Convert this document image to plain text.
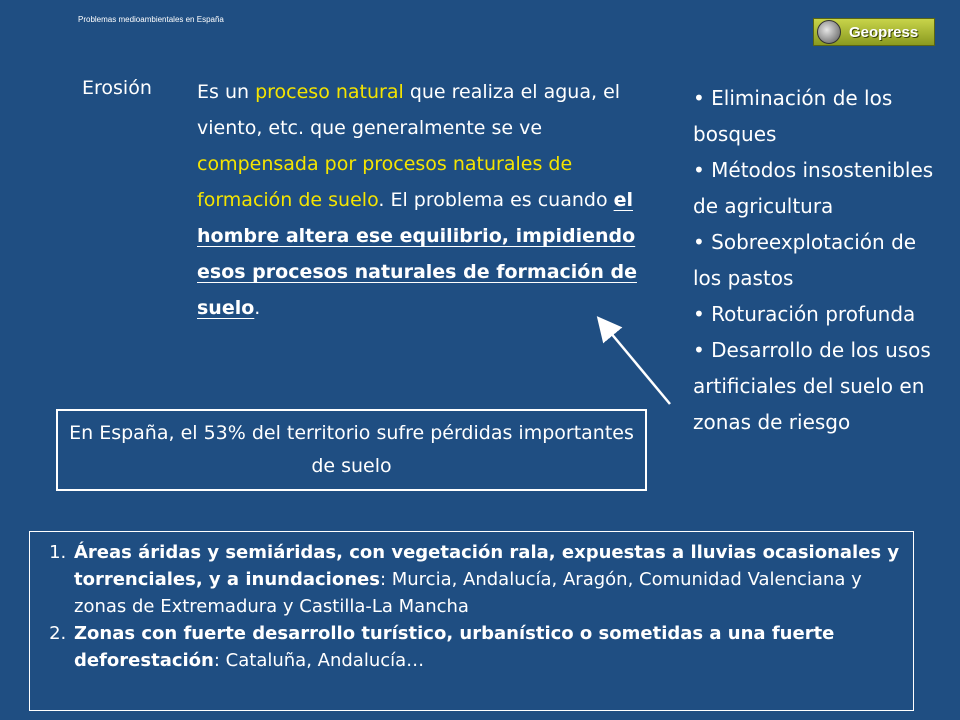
Problemas medioambientales en España
Geopress
Erosión Es un proceso natural que realiza el agua, el viento, etc. que generalmente se ve compensada por procesos naturales de formación de suelo. El problema es cuando el hombre altera ese equilibrio, impidiendo esos procesos naturales de formación de suelo.
• Eliminación de los bosques
• Métodos insostenibles de agricultura
• Sobreexplotación de los pastos
• Roturación profunda
• Desarrollo de los usos artificiales del suelo en zonas de riesgo
En España, el 53% del territorio sufre pérdidas importantes de suelo
1. Áreas áridas y semiáridas, con vegetación rala, expuestas a lluvias ocasionales y torrenciales, y a inundaciones: Murcia, Andalucía, Aragón, Comunidad Valenciana y zonas de Extremadura y Castilla-La Mancha
2. Zonas con fuerte desarrollo turístico, urbanístico o sometidas a una fuerte deforestación: Cataluña, Andalucía…
